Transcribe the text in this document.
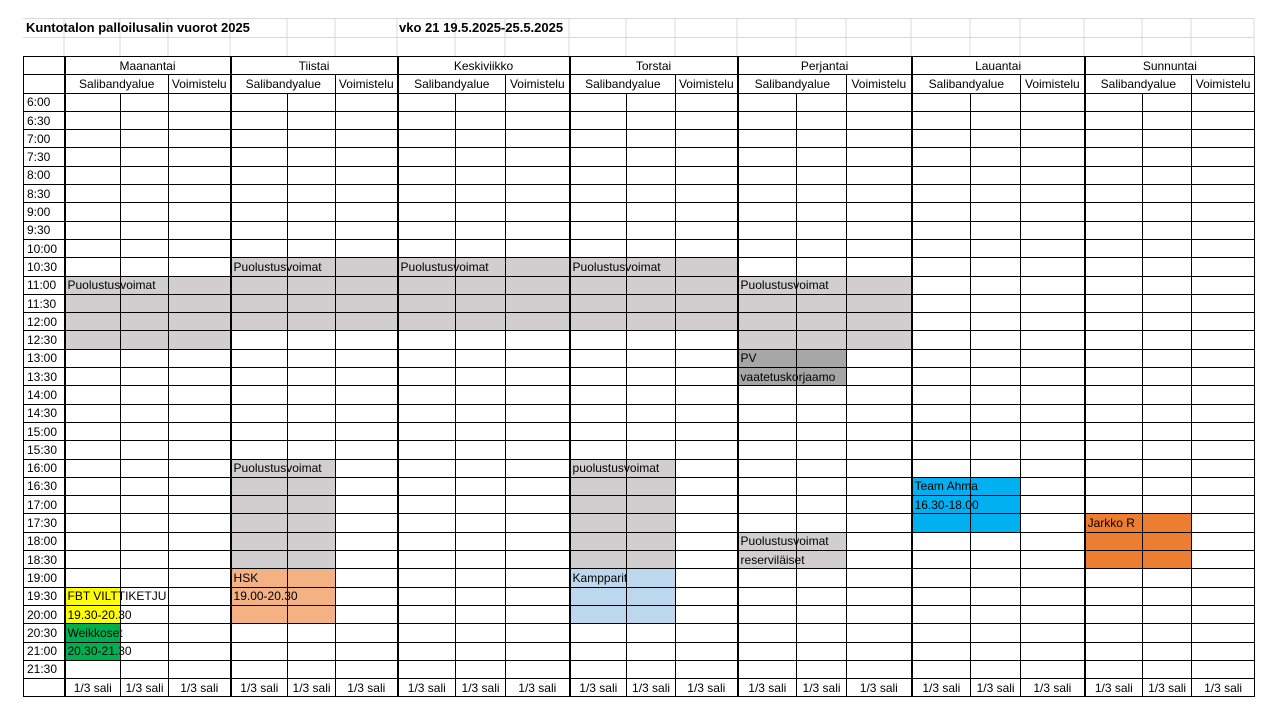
Kuntotalon palloilusalin vuorot 2025	vko 21 19.5.2025-25.5.2025
	Maanantai			Tiistai			Keskiviikko			Torstai			Perjantai			Lauantai			Sunnuntai		
	Salibandyalue		Voimistelu	Salibandyalue		Voimistelu	Salibandyalue		Voimistelu	Salibandyalue		Voimistelu	Salibandyalue		Voimistelu	Salibandyalue		Voimistelu	Salibandyalue		Voimistelu
6:00																					
6:30																					
7:00																					
7:30																					
8:00																					
8:30																					
9:00																					
9:30																					
10:00																					
10:30				Puolustusvoimat			Puolustusvoimat			Puolustusvoimat											
11:00	Puolustusvoimat												Puolustusvoimat								
11:30																					
12:00																					
12:30																					
13:00													PV								
13:30													vaatetuskorjaamo								
14:00																					
14:30																					
15:00																					
15:30																					
16:00				Puolustusvoimat						puolustusvoimat											
16:30																Team Ahma					
17:00																16.30-18.00					
17:30																			Jarkko R		
18:00													Puolustusvoimat								
18:30													reserviläiset								
19:00				HSK						Kampparit											
19:30	FBT VILTTIKETJU			19.00-20.30																	
20:00	19.30-20.30																				
20:30	Weikkoset																				
21:00	20.30-21.30																				
21:30																					
	1/3 sali	1/3 sali	1/3 sali	1/3 sali	1/3 sali	1/3 sali	1/3 sali	1/3 sali	1/3 sali	1/3 sali	1/3 sali	1/3 sali	1/3 sali	1/3 sali	1/3 sali	1/3 sali	1/3 sali	1/3 sali	1/3 sali	1/3 sali	1/3 sali
